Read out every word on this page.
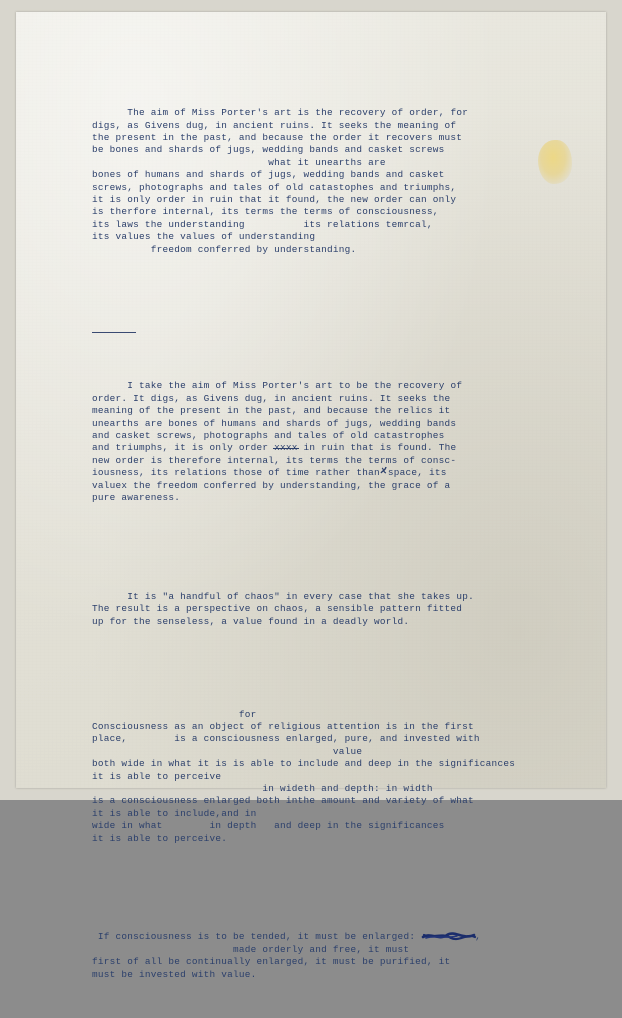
The aim of Miss Porter's art is the recovery of order, for
digs, as Givens dug, in ancient ruins. It seeks the meaning of
the present in the past, and because the order it recovers must
be bones and shards of jugs, wedding bands and casket screws
what it unearths are
bones of humans and shards of jugs, wedding bands and casket
screws, photographs and tales of old catastophes and triumphs,
it is only order in ruin that it found, the new order can only
is therfore internal, its terms the terms of consciousness,
its laws the understanding          its relations temrcal,
its values the values of understanding
freedom conferred by understanding.

I take the aim of Miss Porter's art to be the recovery of
order. It digs, as Givens dug, in ancient ruins. It seeks the
meaning of the present in the past, and because the relics it
unearths are bones of humans and shards of jugs, wedding bands
and casket screws, photographs and tales of old catastrophes
and triumphs, it is only order xxxx in ruin that is found. The
new order is therefore internal, its terms the terms of consc-
iousness, its relations those of time rather than space, its
valuex the freedom conferred by understanding, the grace of a
pure awareness.

It is "a handful of chaos" in every case that she takes up.
The result is a perspective on chaos, a sensible pattern fitted
up for the senseless, a value found in a deadly world.

for
Consciousness as an object of religious attention is in the first
place,        is a consciousness enlarged, pure, and invested with
value
both wide in what it is is able to include and deep in the significances
it is able to perceive
in wideth and depth: in width
is a consciousness enlarged both inthe amount and variety of what
it is able to include,and in
wide in what        in depth   and deep in the significances
it is able to perceive.

If consciousness is to be tended, it must be enlarged:	,
made orderly and free, it must
first of all be continually enlarged, it must be purified, it
must be invested with value.
